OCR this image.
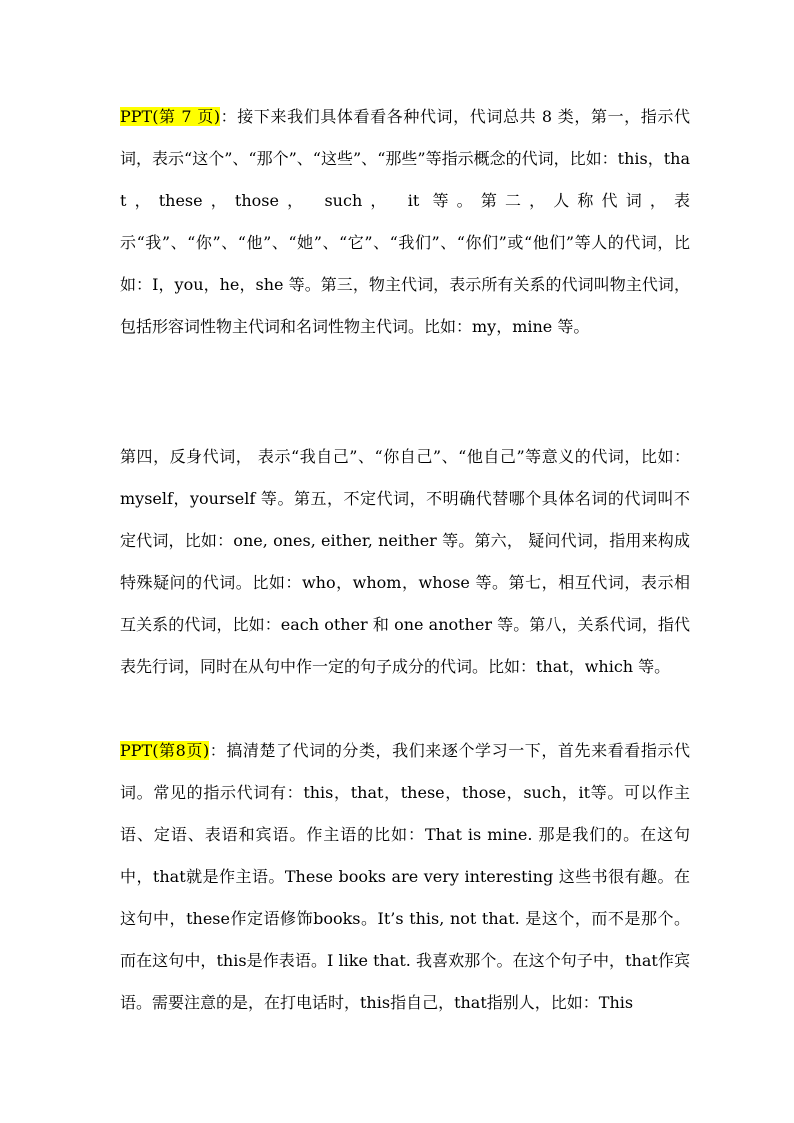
PPT(第 7 页)：接下来我们具体看看各种代词，代词总共 8 类，第一，指示代词，表示“这个”、“那个”、“这些”、“那些”等指示概念的代词，比如：this，that，these，those， such， it 等。第二，人称代词，表示“我”、“你”、“他”、“她”、“它”、“我们”、“你们”或“他们”等人的代词，比如：I，you，he，she 等。第三，物主代词，表示所有关系的代词叫物主代词，包括形容词性物主代词和名词性物主代词。比如：my，mine 等。

第四，反身代词， 表示“我自己”、“你自己”、“他自己”等意义的代词，比如： myself，yourself 等。第五，不定代词，不明确代替哪个具体名词的代词叫不定代词，比如：one, ones, either, neither 等。第六， 疑问代词，指用来构成特殊疑问的代词。比如：who，whom，whose 等。第七，相互代词，表示相互关系的代词，比如：each other 和 one another 等。第八，关系代词，指代表先行词，同时在从句中作一定的句子成分的代词。比如：that，which 等。

PPT(第8页)：搞清楚了代词的分类，我们来逐个学习一下，首先来看看指示代词。常见的指示代词有：this，that，these，those，such，it等。可以作主语、定语、表语和宾语。作主语的比如：That is mine. 那是我们的。在这句中，that就是作主语。These books are very interesting 这些书很有趣。在这句中，these作定语修饰books。It’s this, not that. 是这个，而不是那个。而在这句中，this是作表语。I like that. 我喜欢那个。在这个句子中，that作宾语。需要注意的是，在打电话时，this指自己，that指别人，比如：This
